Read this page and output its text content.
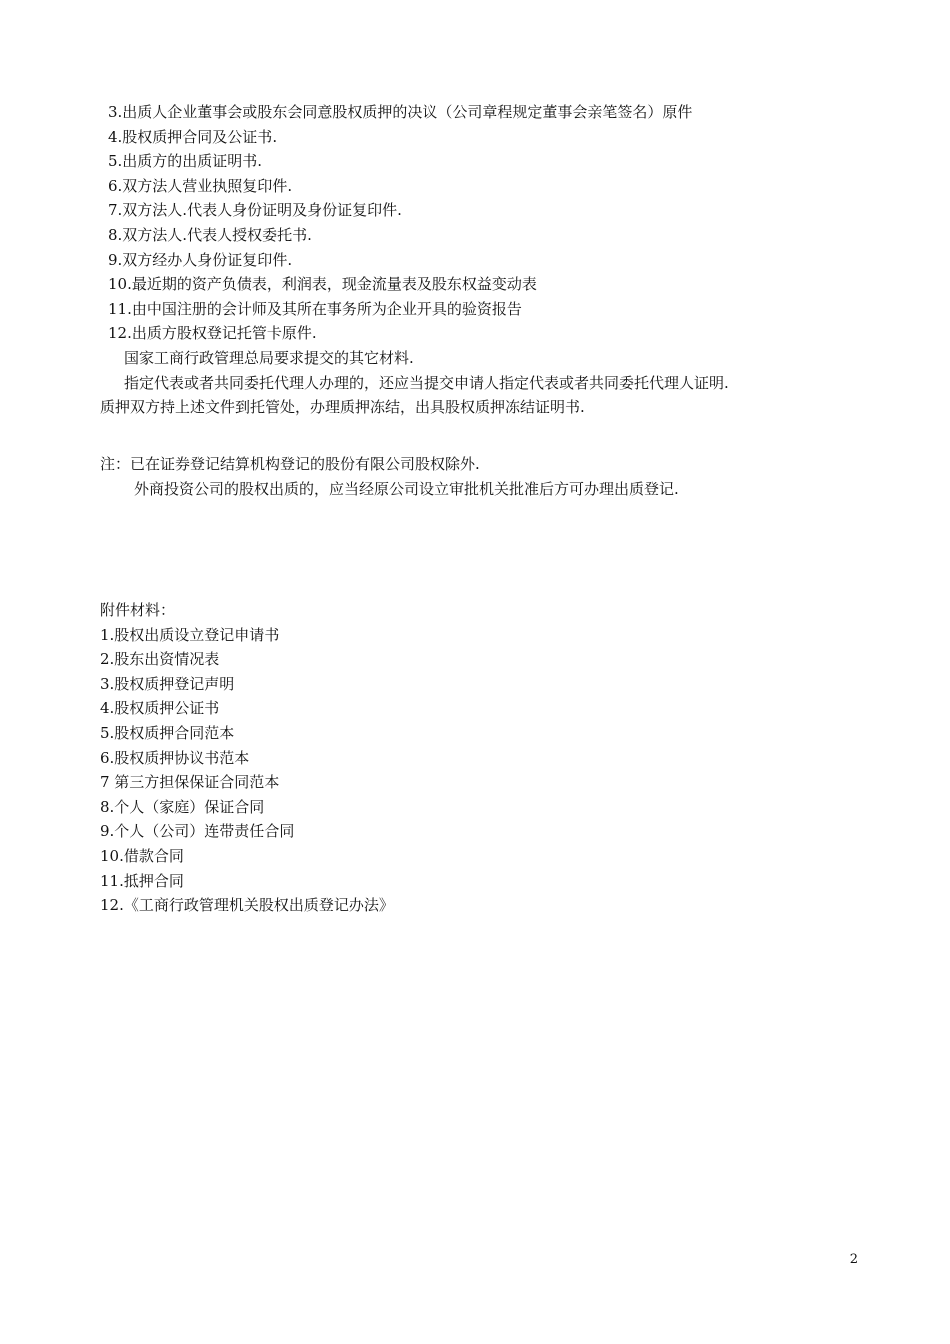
3.出质人企业董事会或股东会同意股权质押的决议（公司章程规定董事会亲笔签名）原件
4.股权质押合同及公证书.
5.出质方的出质证明书.
6.双方法人营业执照复印件.
7.双方法人.代表人身份证明及身份证复印件.
8.双方法人.代表人授权委托书.
9.双方经办人身份证复印件.
10.最近期的资产负债表，利润表，现金流量表及股东权益变动表
11.由中国注册的会计师及其所在事务所为企业开具的验资报告
12.出质方股权登记托管卡原件.
国家工商行政管理总局要求提交的其它材料.
指定代表或者共同委托代理人办理的，还应当提交申请人指定代表或者共同委托代理人证明.
质押双方持上述文件到托管处，办理质押冻结，出具股权质押冻结证明书.
注：已在证券登记结算机构登记的股份有限公司股权除外.
外商投资公司的股权出质的，应当经原公司设立审批机关批准后方可办理出质登记.
附件材料：
1.股权出质设立登记申请书
2.股东出资情况表
3.股权质押登记声明
4.股权质押公证书
5.股权质押合同范本
6.股权质押协议书范本
7 第三方担保保证合同范本
8.个人（家庭）保证合同
9.个人（公司）连带责任合同
10.借款合同
11.抵押合同
12.《工商行政管理机关股权出质登记办法》
2
